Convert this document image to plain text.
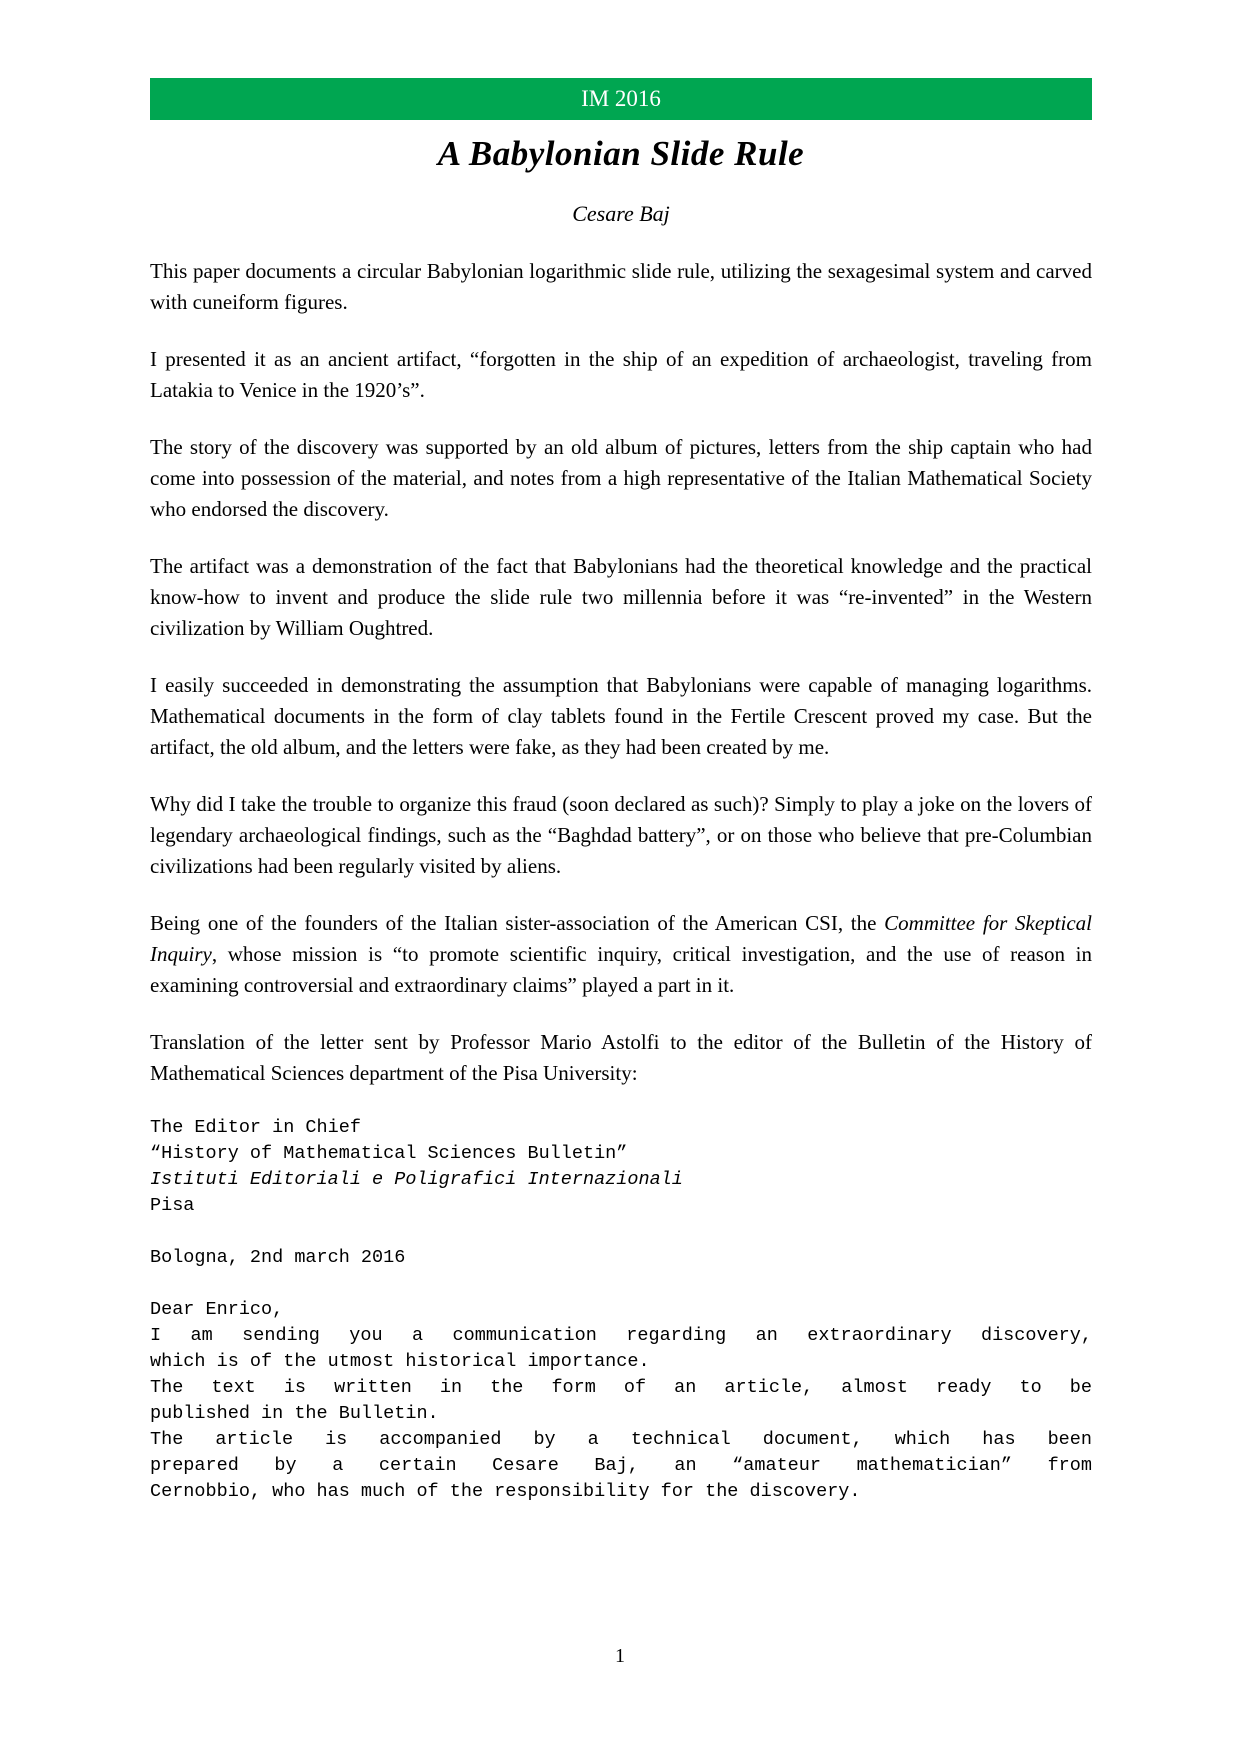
IM 2016
A Babylonian Slide Rule
Cesare Baj

This paper documents a circular Babylonian logarithmic slide rule, utilizing the sexagesimal system and carved with cuneiform figures.

I presented it as an ancient artifact, “forgotten in the ship of an expedition of archaeologist, traveling from Latakia to Venice in the 1920’s”.

The story of the discovery was supported by an old album of pictures, letters from the ship captain who had come into possession of the material, and notes from a high representative of the Italian Mathematical Society who endorsed the discovery.

The artifact was a demonstration of the fact that Babylonians had the theoretical knowledge and the practical know-how to invent and produce the slide rule two millennia before it was “re-invented” in the Western civilization by William Oughtred.

I easily succeeded in demonstrating the assumption that Babylonians were capable of managing logarithms. Mathematical documents in the form of clay tablets found in the Fertile Crescent proved my case. But the artifact, the old album, and the letters were fake, as they had been created by me.

Why did I take the trouble to organize this fraud (soon declared as such)? Simply to play a joke on the lovers of legendary archaeological findings, such as the “Baghdad battery”, or on those who believe that pre-Columbian civilizations had been regularly visited by aliens.

Being one of the founders of the Italian sister-association of the American CSI, the Committee for Skeptical Inquiry, whose mission is “to promote scientific inquiry, critical investigation, and the use of reason in examining controversial and extraordinary claims” played a part in it.

Translation of the letter sent by Professor Mario Astolfi to the editor of the Bulletin of the History of Mathematical Sciences department of the Pisa University:

The Editor in Chief
“History of Mathematical Sciences Bulletin”
Istituti Editoriali e Poligrafici Internazionali
Pisa

Bologna, 2nd march 2016

Dear Enrico,
I am sending you a communication regarding an extraordinary discovery,
which is of the utmost historical importance.
The text is written in the form of an article, almost ready to be
published in the Bulletin.
The article is accompanied by a technical document, which has been
prepared by a certain Cesare Baj, an “amateur mathematician” from
Cernobbio, who has much of the responsibility for the discovery.
1
